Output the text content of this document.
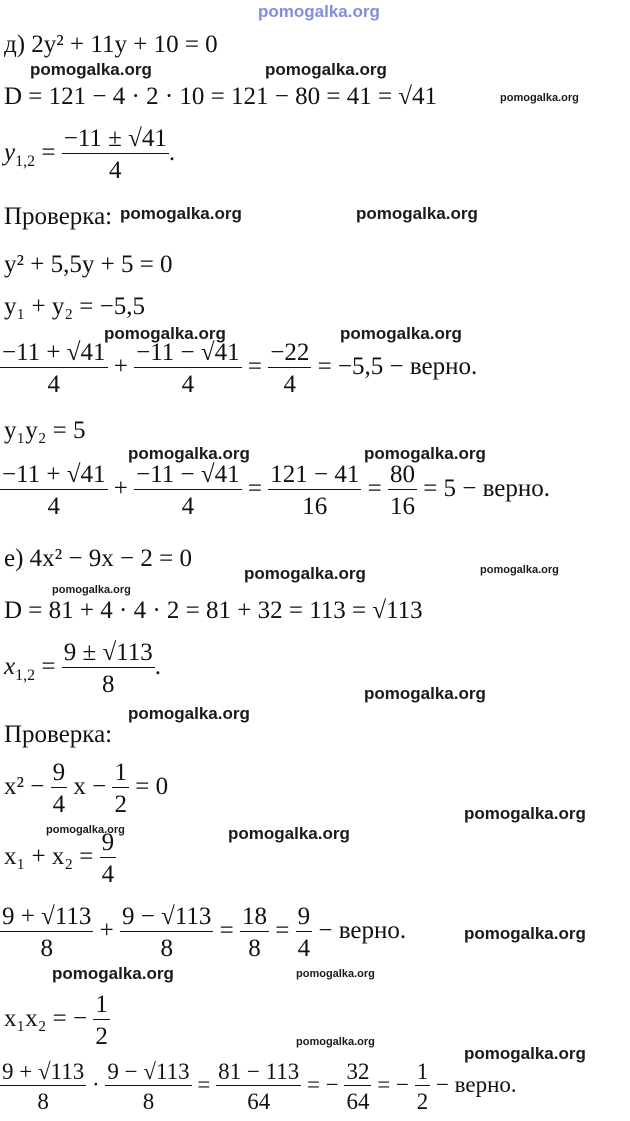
pomogalka.org
д) 2y² + 11y + 10 = 0
pomogalka.org	pomogalka.org
D = 121 − 4 · 2 · 10 = 121 − 80 = 41 = √41	pomogalka.org
$y_{1,2} = \frac{-11 \pm √41}{4}$ .
Проверка: pomogalka.org	pomogalka.org
y² + 5,5y + 5 = 0
y₁ + y₂ = −5,5
pomogalka.org	pomogalka.org
$\frac{-11 + √41}{4} + \frac{-11 - √41}{4} = \frac{-22}{4} = -5,5$ − верно.
y₁y₂ = 5
pomogalka.org	pomogalka.org
$\frac{-11 + √41}{4} + \frac{-11 - √41}{4} = \frac{121 - 41}{16} = \frac{80}{16} = 5$ − верно.
е) 4x² − 9x − 2 = 0
pomogalka.org	pomogalka.org
pomogalka.org
D = 81 + 4 · 4 · 2 = 81 + 32 = 113 = √113
$x_{1,2} = \frac{9 \pm √113}{8}$ .
pomogalka.org
pomogalka.org
Проверка:
$x^2 - \frac{9}{4}$ $x - \frac{1}{2} = 0$
pomogalka.org
pomogalka.org	pomogalka.org
$x_1 + x_2 = \frac{9}{4}$
$\frac{9 + √113}{8} + \frac{9 - √113}{8} = \frac{18}{8} = \frac{9}{4}$ − верно.	pomogalka.org
pomogalka.org	pomogalka.org
x₁x₂ = − $\frac{1}{2}$	pomogalka.org
pomogalka.org
$\frac{9 + √113}{8} \cdot \frac{9 - √113}{8} = \frac{81 - 113}{64}$ = − $\frac{32}{64}$ = − $\frac{1}{2}$ − верно.
